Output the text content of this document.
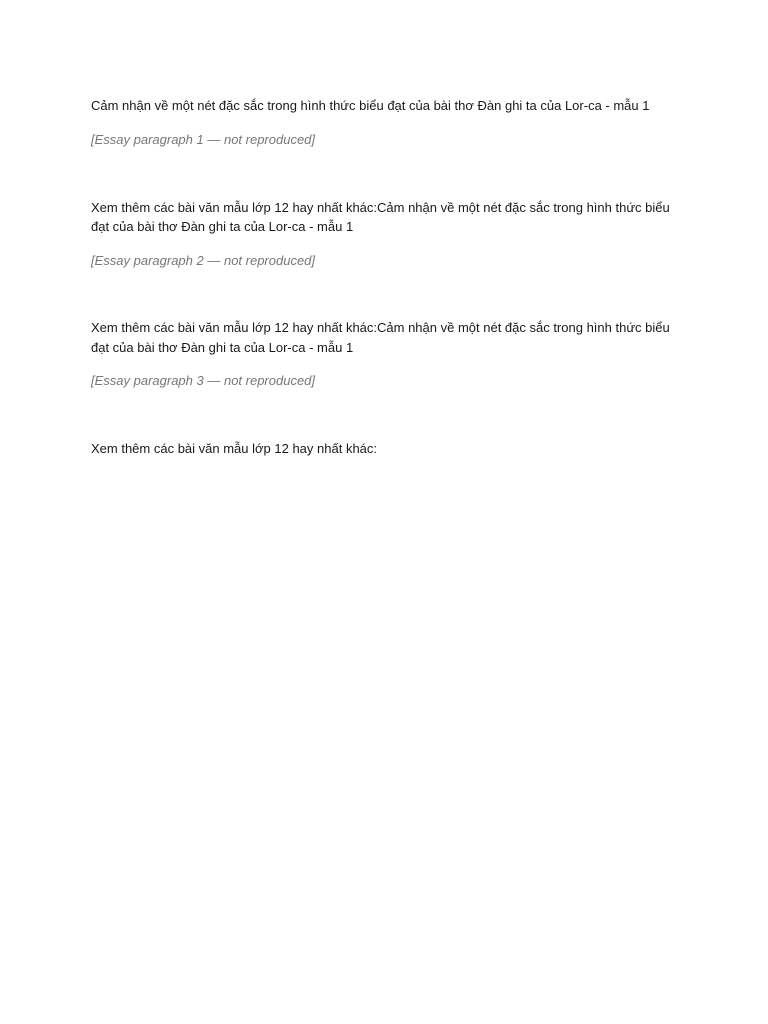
Cảm nhận về một nét đặc sắc trong hình thức biểu đạt của bài thơ Đàn ghi ta của Lor-ca - mẫu 1

[Essay paragraph 1 — not reproduced]

Xem thêm các bài văn mẫu lớp 12 hay nhất khác:Cảm nhận về một nét đặc sắc trong hình thức biểu đạt của bài thơ Đàn ghi ta của Lor-ca - mẫu 1

[Essay paragraph 2 — not reproduced]

Xem thêm các bài văn mẫu lớp 12 hay nhất khác:Cảm nhận về một nét đặc sắc trong hình thức biểu đạt của bài thơ Đàn ghi ta của Lor-ca - mẫu 1

[Essay paragraph 3 — not reproduced]

Xem thêm các bài văn mẫu lớp 12 hay nhất khác:
